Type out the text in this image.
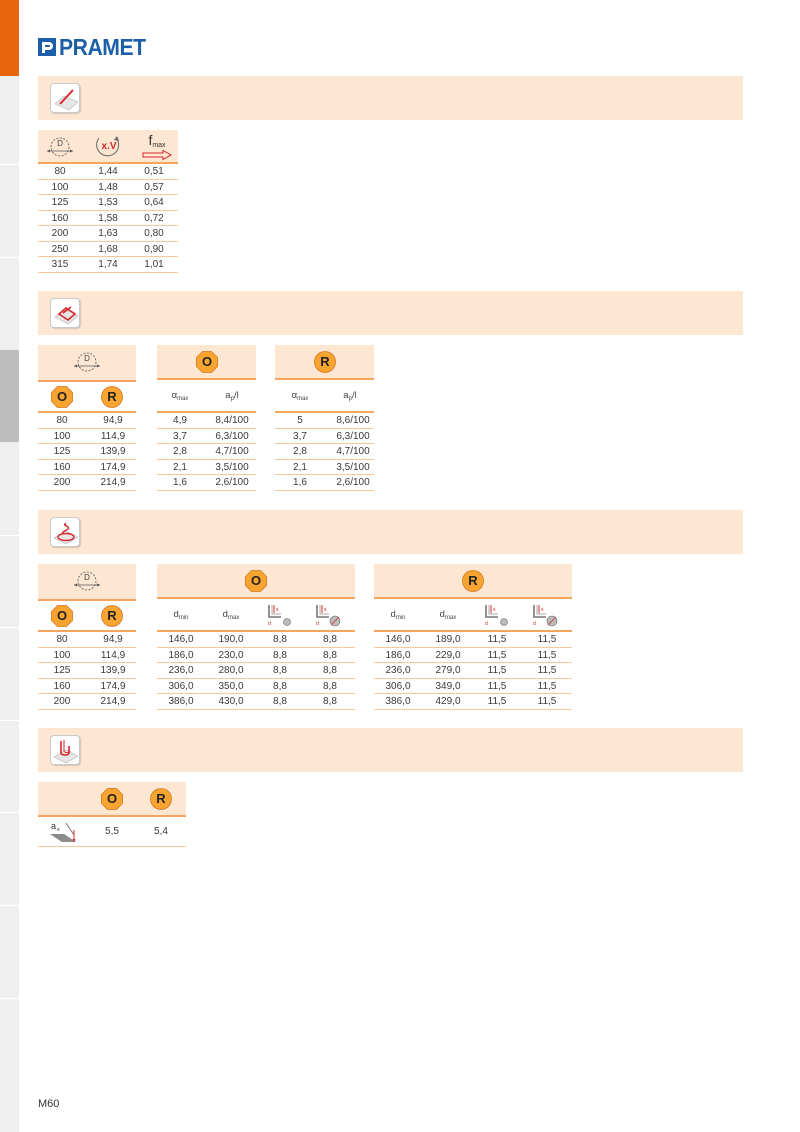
PRAMET
D	x.V	$f_{max}$
80	1,44	0,51
100	1,48	0,57
125	1,53	0,64
160	1,58	0,72
200	1,63	0,80
250	1,68	0,90
315	1,74	1,01
D
O	R
80	94,9
100	114,9
125	139,9
160	174,9
200	214,9
O
$\alpha_{max}$	$a_p/l$
4,9	8,4/100
3,7	6,3/100
2,8	4,7/100
2,1	3,5/100
1,6	2,6/100
R
$\alpha_{max}$	$a_p/l$
5	8,6/100
3,7	6,3/100
2,8	4,7/100
2,1	3,5/100
1,6	2,6/100
D
O	R
80	94,9
100	114,9
125	139,9
160	174,9
200	214,9
O
$d_{min}$	$d_{max}$
s
d
s
d
146,0	190,0	8,8	8,8
186,0	230,0	8,8	8,8
236,0	280,0	8,8	8,8
306,0	350,0	8,8	8,8
386,0	430,0	8,8	8,8
R
$d_{min}$	$d_{max}$
s
d
s
d
146,0	189,0	11,5	11,5
186,0	229,0	11,5	11,5
236,0	279,0	11,5	11,5
306,0	349,0	11,5	11,5
386,0	429,0	11,5	11,5
O	R
a e	5,5	5,4
M60
